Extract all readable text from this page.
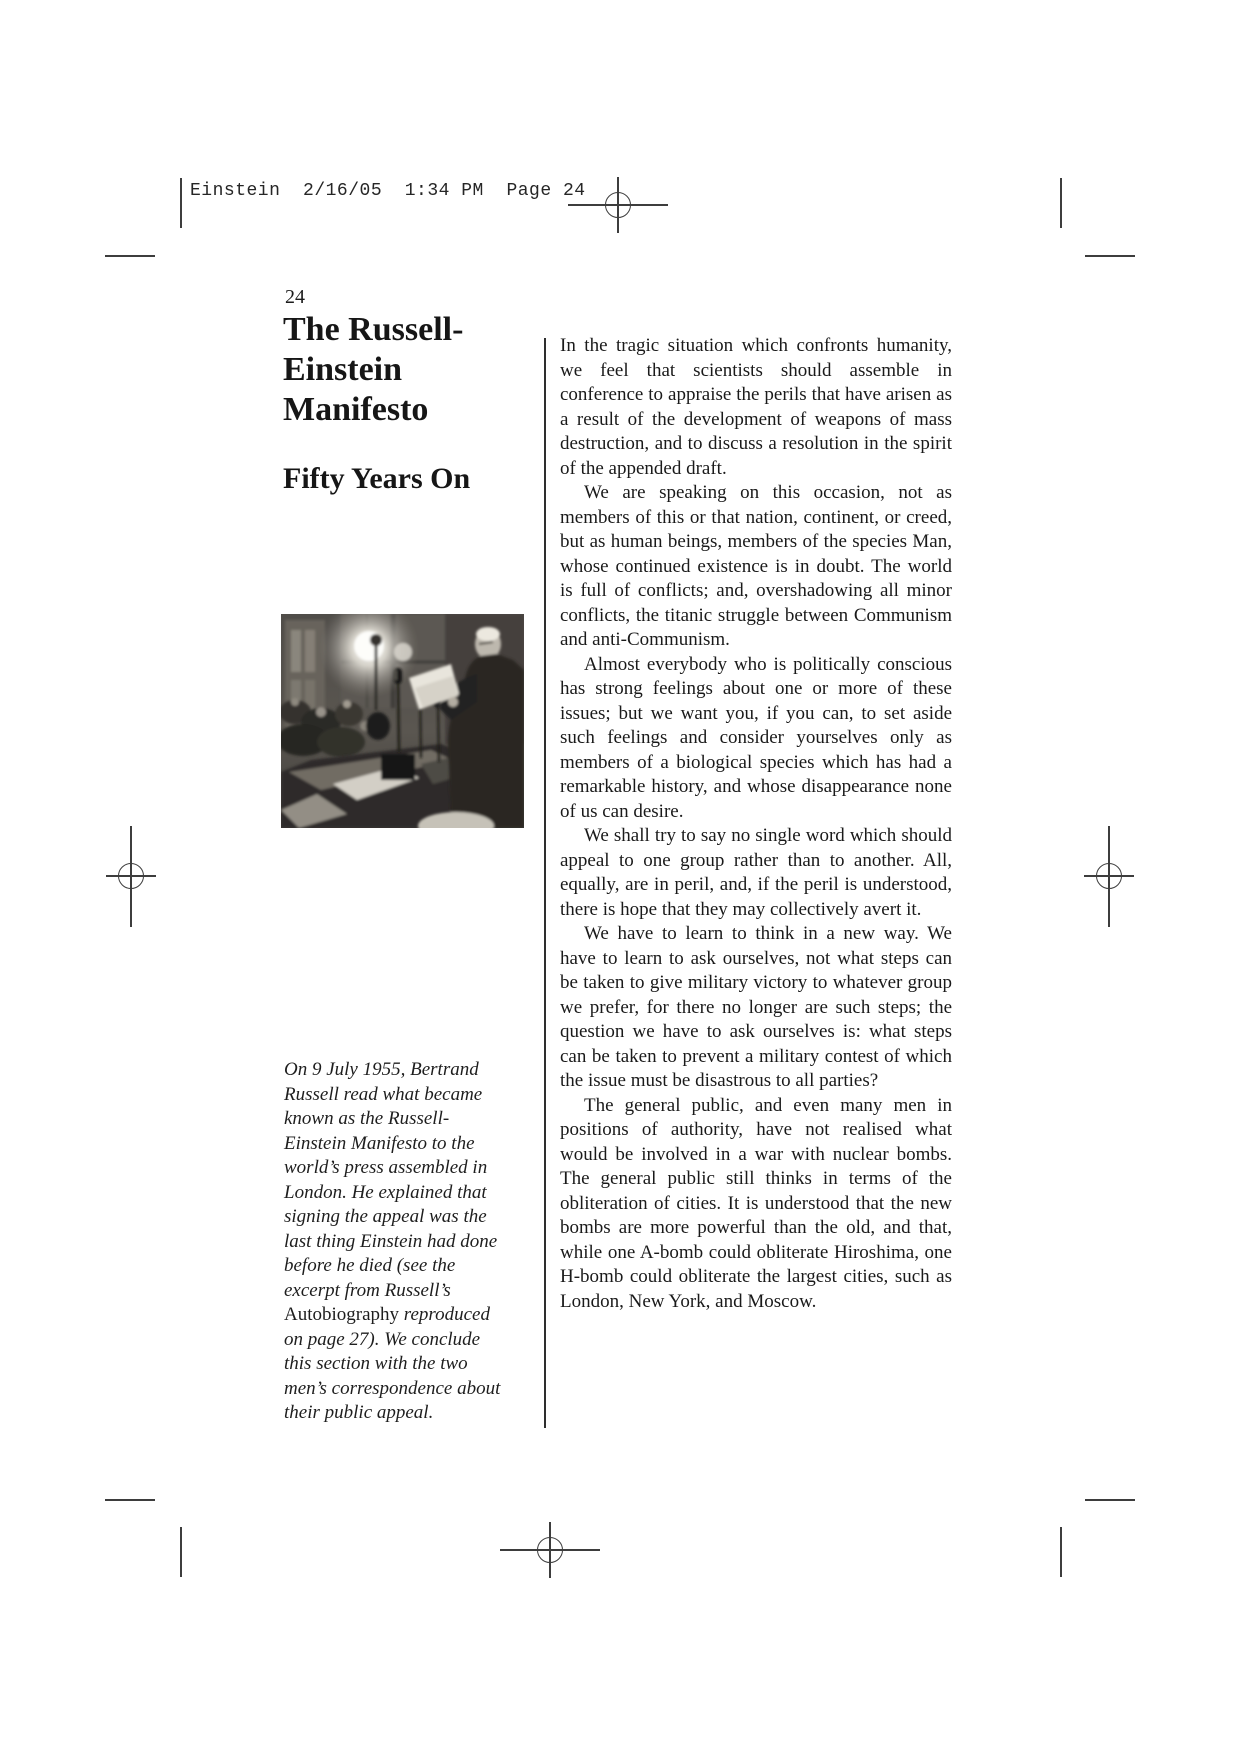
Einstein  2/16/05  1:34 PM  Page 24
24
The Russell-Einstein Manifesto
Fifty Years On

On 9 July 1955, Bertrand Russell read what became known as the Russell-Einstein Manifesto to the world’s press assembled in London. He explained that signing the appeal was the last thing Einstein had done before he died (see the excerpt from Russell’s Autobiography reproduced on page 27). We conclude this section with the two men’s correspondence about their public appeal.

In the tragic situation which confronts humanity, we feel that scientists should assemble in conference to appraise the perils that have arisen as a result of the development of weapons of mass destruction, and to discuss a resolution in the spirit of the appended draft.

We are speaking on this occasion, not as members of this or that nation, continent, or creed, but as human beings, members of the species Man, whose continued existence is in doubt. The world is full of conflicts; and, overshadowing all minor conflicts, the titanic struggle between Communism and anti-Communism.

Almost everybody who is politically conscious has strong feelings about one or more of these issues; but we want you, if you can, to set aside such feelings and consider yourselves only as members of a biological species which has had a remarkable history, and whose disappearance none of us can desire.

We shall try to say no single word which should appeal to one group rather than to another. All, equally, are in peril, and, if the peril is understood, there is hope that they may collectively avert it.

We have to learn to think in a new way. We have to learn to ask ourselves, not what steps can be taken to give military victory to whatever group we prefer, for there no longer are such steps; the question we have to ask ourselves is: what steps can be taken to prevent a military contest of which the issue must be disastrous to all parties?

The general public, and even many men in positions of authority, have not realised what would be involved in a war with nuclear bombs. The general public still thinks in terms of the obliteration of cities. It is understood that the new bombs are more powerful than the old, and that, while one A-bomb could obliterate Hiroshima, one H-bomb could obliterate the largest cities, such as London, New York, and Moscow.
